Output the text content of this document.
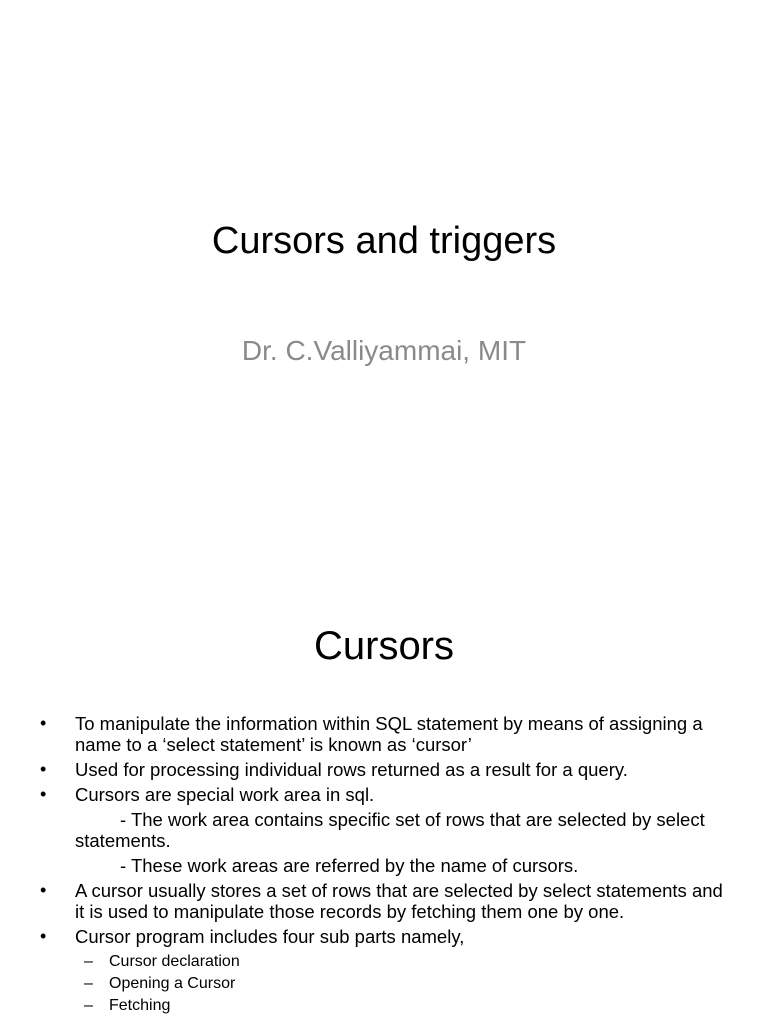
Cursors and triggers
Dr. C.Valliyammai, MIT
Cursors
•	To manipulate the information within SQL statement by means of assigning a name to a ‘select statement’ is known as ‘cursor’
•	Used for processing individual rows returned as a result for a query.
•	Cursors are special work area in sql.
- The work area contains specific set of rows that are selected by select statements.
- These work areas are referred by the name of cursors.
•	A cursor usually stores a set of rows that are selected by select statements and it is used to manipulate those records by fetching them one by one.
•	Cursor program includes four sub parts namely,
– Cursor declaration
– Opening a Cursor
– Fetching
